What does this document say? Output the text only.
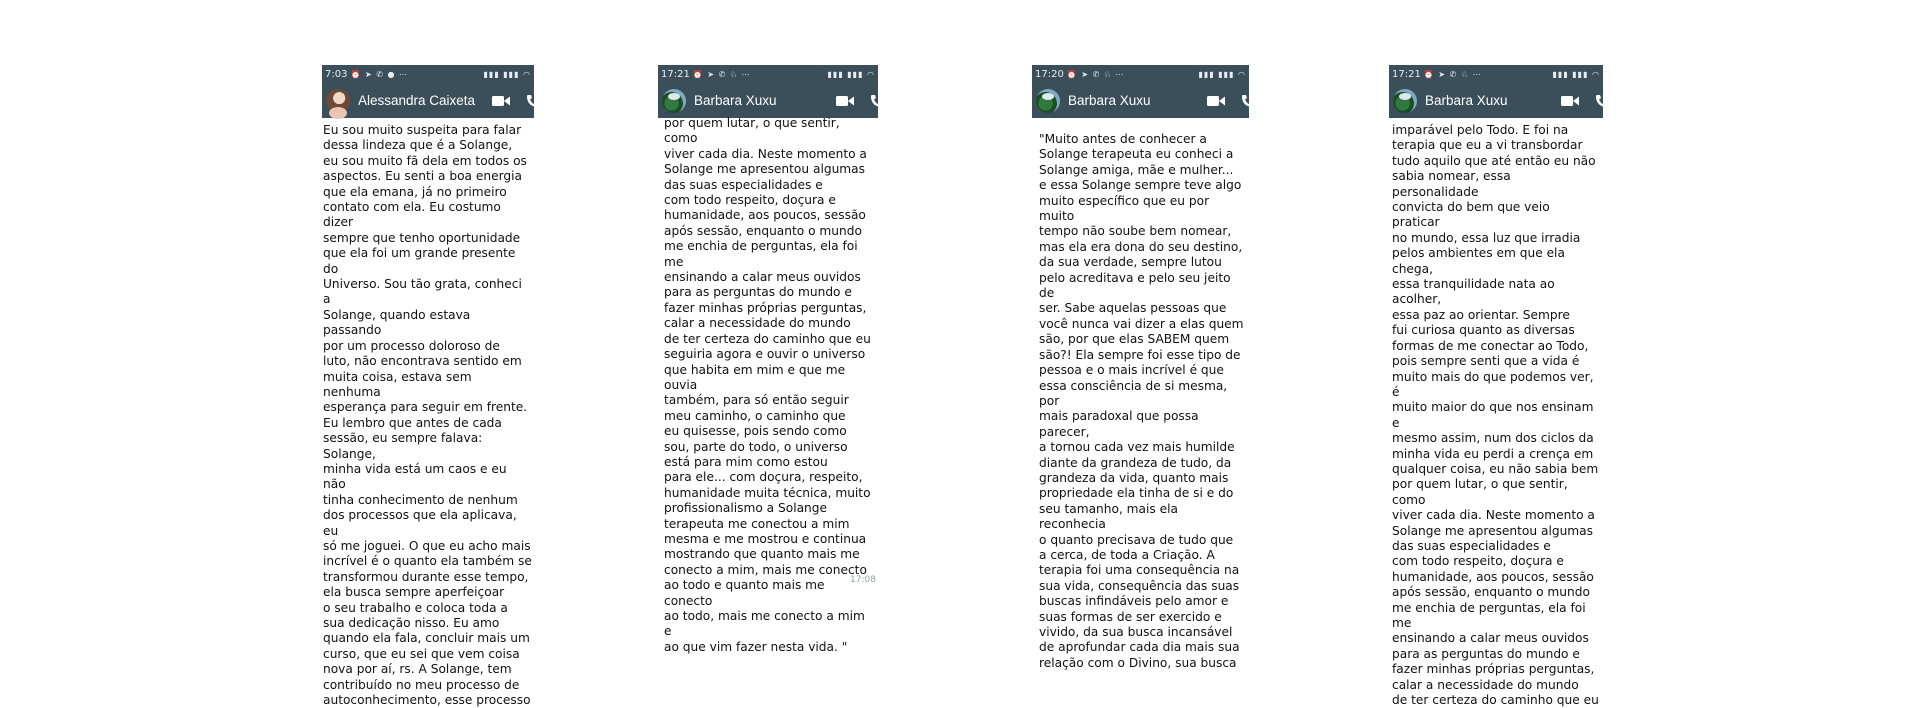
7:03 ⏰ ➤ ✆ ● ⋯	▮▮▮ ▮▮▮ ◠
Alessandra Caixeta
Eu sou muito suspeita para falar
dessa lindeza que é a Solange,
eu sou muito fã dela em todos os
aspectos. Eu senti a boa energia
que ela emana, já no primeiro
contato com ela. Eu costumo dizer
sempre que tenho oportunidade
que ela foi um grande presente do
Universo. Sou tão grata, conheci a
Solange, quando estava passando
por um processo doloroso de
luto, não encontrava sentido em
muita coisa, estava sem nenhuma
esperança para seguir em frente.
Eu lembro que antes de cada
sessão, eu sempre falava: Solange,
minha vida está um caos e eu não
tinha conhecimento de nenhum
dos processos que ela aplicava, eu
só me joguei. O que eu acho mais
incrível é o quanto ela também se
transformou durante esse tempo,
ela busca sempre aperfeiçoar
o seu trabalho e coloca toda a
sua dedicação nisso. Eu amo
quando ela fala, concluir mais um
curso, que eu sei que vem coisa
nova por aí, rs. A Solange, tem
contribuído no meu processo de
autoconhecimento, esse processo
17:21 ⏰ ➤ ✆ ♘ ⋯	▮▮▮ ▮▮▮ ◠
Barbara Xuxu
por quem lutar, o que sentir, como
viver cada dia. Neste momento a
Solange me apresentou algumas
das suas especialidades e
com todo respeito, doçura e
humanidade, aos poucos, sessão
após sessão, enquanto o mundo
me enchia de perguntas, ela foi me
ensinando a calar meus ouvidos
para as perguntas do mundo e
fazer minhas próprias perguntas,
calar a necessidade do mundo
de ter certeza do caminho que eu
seguiria agora e ouvir o universo
que habita em mim e que me ouvia
também, para só então seguir
meu caminho, o caminho que
eu quisesse, pois sendo como
sou, parte do todo, o universo
está para mim como estou
para ele... com doçura, respeito,
humanidade muita técnica, muito
profissionalismo a Solange
terapeuta me conectou a mim
mesma e me mostrou e continua
mostrando que quanto mais me
conecto a mim, mais me conecto
ao todo e quanto mais me conecto
ao todo, mais me conecto a mim e
ao que vim fazer nesta vida. "
17:08
17:20 ⏰ ➤ ✆ ♘ ⋯	▮▮▮ ▮▮▮ ◠
Barbara Xuxu
"Muito antes de conhecer a
Solange terapeuta eu conheci a
Solange amiga, mãe e mulher...
e essa Solange sempre teve algo
muito específico que eu por muito
tempo não soube bem nomear,
mas ela era dona do seu destino,
da sua verdade, sempre lutou
pelo acreditava e pelo seu jeito de
ser. Sabe aquelas pessoas que
você nunca vai dizer a elas quem
são, por que elas SABEM quem
são?! Ela sempre foi esse tipo de
pessoa e o mais incrível é que
essa consciência de si mesma, por
mais paradoxal que possa parecer,
a tornou cada vez mais humilde
diante da grandeza de tudo, da
grandeza da vida, quanto mais
propriedade ela tinha de si e do
seu tamanho, mais ela reconhecia
o quanto precisava de tudo que
a cerca, de toda a Criação. A
terapia foi uma consequência na
sua vida, consequência das suas
buscas infindáveis pelo amor e
suas formas de ser exercido e
vivido, da sua busca incansável
de aprofundar cada dia mais sua
relação com o Divino, sua busca
17:21 ⏰ ➤ ✆ ♘ ⋯	▮▮▮ ▮▮▮ ◠
Barbara Xuxu
imparável pelo Todo. E foi na
terapia que eu a vi transbordar
tudo aquilo que até então eu não
sabia nomear, essa personalidade
convicta do bem que veio praticar
no mundo, essa luz que irradia
pelos ambientes em que ela chega,
essa tranquilidade nata ao acolher,
essa paz ao orientar. Sempre
fui curiosa quanto as diversas
formas de me conectar ao Todo,
pois sempre senti que a vida é
muito mais do que podemos ver, é
muito maior do que nos ensinam e
mesmo assim, num dos ciclos da
minha vida eu perdi a crença em
qualquer coisa, eu não sabia bem
por quem lutar, o que sentir, como
viver cada dia. Neste momento a
Solange me apresentou algumas
das suas especialidades e
com todo respeito, doçura e
humanidade, aos poucos, sessão
após sessão, enquanto o mundo
me enchia de perguntas, ela foi me
ensinando a calar meus ouvidos
para as perguntas do mundo e
fazer minhas próprias perguntas,
calar a necessidade do mundo
de ter certeza do caminho que eu
